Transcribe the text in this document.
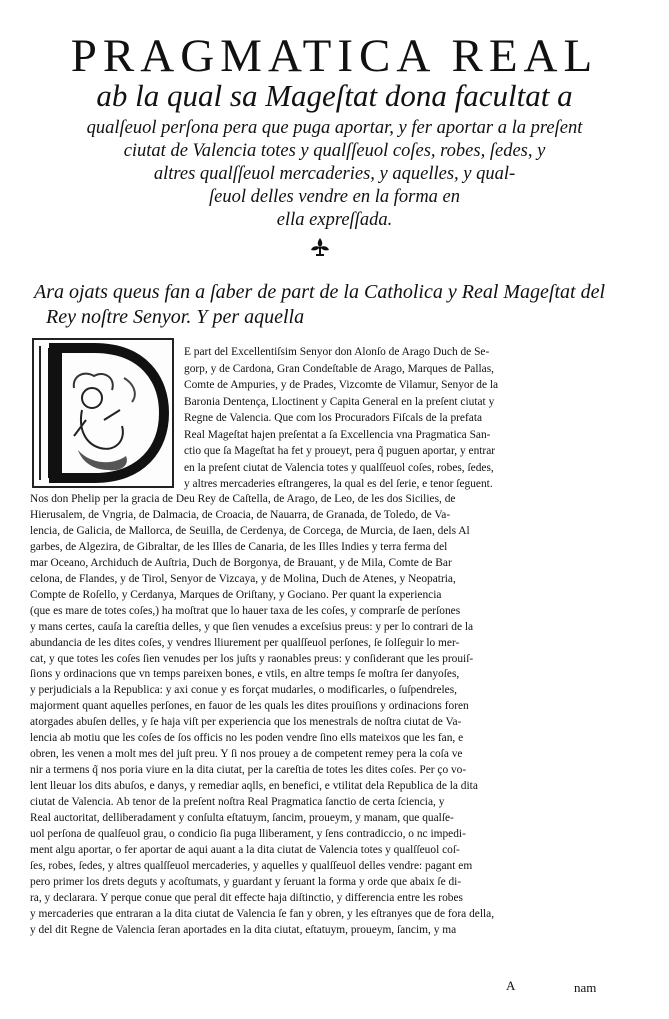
PRAGMATICA REAL
ab la qual sa Mageſtat dona facultat a
qualſeuol perſona pera que puga aportar, y fer aportar a la preſent
ciutat de Valencia totes y qualſſeuol coſes, robes, ſedes, y
altres qualſſeuol mercaderies, y aquelles, y qual-
ſeuol delles vendre en la forma en
ella expreſſada.
Ara ojats queus fan a ſaber de part de la Catholica y Real Mageſtat del
Rey noſtre Senyor. Y per aquella
E part del Excellentiſsim Senyor don Alonſo de Arago Duch de Se-
gorp, y de Cardona, Gran Condeſtable de Arago, Marques de Pallas,
Comte de Ampuries, y de Prades, Vizcomte de Vilamur, Senyor de la
Baronia Dentença, Lloctinent y Capita General en la preſent ciutat y
Regne de Valencia. Que com los Procuradors Fiſcals de la prefata
Real Mageſtat hajen preſentat a ſa Excellencia vna Pragmatica San-
ctio que ſa Mageſtat ha fet y proueyt, pera q̃ puguen aportar, y entrar
en la preſent ciutat de Valencia totes y qualſſeuol coſes, robes, ſedes,
y altres mercaderies eſtrangeres, la qual es del ſerie, e tenor ſeguent.
Nos don Phelip per la gracia de Deu Rey de Caſtella, de Arago, de Leo, de les dos Sicilies, de
Hierusalem, de Vngria, de Dalmacia, de Croacia, de Nauarra, de Granada, de Toledo, de Va-
lencia, de Galicia, de Mallorca, de Seuilla, de Cerdenya, de Corcega, de Murcia, de Iaen, dels Al
garbes, de Algezira, de Gibraltar, de les Illes de Canaria, de les Illes Indies y terra ferma del
mar Oceano, Archiduch de Auſtria, Duch de Borgonya, de Brauant, y de Mila, Comte de Bar
celona, de Flandes, y de Tirol, Senyor de Vizcaya, y de Molina, Duch de Atenes, y Neopatria,
Compte de Roſello, y Cerdanya, Marques de Oriſtany, y Gociano. Per quant la experiencia
(que es mare de totes coſes,) ha moſtrat que lo hauer taxa de les coſes, y comprarſe de perſones
y mans certes, cauſa la careſtia delles, y que ſien venudes a exceſsius preus: y per lo contrari de la
abundancia de les dites coſes, y vendres lliurement per qualſſeuol perſones, ſe ſolſeguir lo mer-
cat, y que totes les coſes ſien venudes per los juſts y raonables preus: y conſiderant que les prouiſ-
ſions y ordinacions que vn temps pareixen bones, e vtils, en altre temps ſe moſtra ſer danyoſes,
y perjudicials a la Republica: y axi conue y es forçat mudarles, o modificarles, o ſuſpendreles,
majorment quant aquelles perſones, en fauor de les quals les dites prouiſions y ordinacions foren
atorgades abuſen delles, y ſe haja viſt per experiencia que los menestrals de noſtra ciutat de Va-
lencia ab motiu que les coſes de ſos officis no les poden vendre ſino ells mateixos que les fan, e
obren, les venen a molt mes del juſt preu. Y ſi nos prouey a de competent remey pera la coſa ve
nir a termens q̃ nos poria viure en la dita ciutat, per la careſtia de totes les dites coſes. Per ço vo-
lent lleuar los dits abuſos, e danys, y remediar aqlls, en benefici, e vtilitat dela Republica de la dita
ciutat de Valencia. Ab tenor de la preſent noſtra Real Pragmatica ſanctio de certa ſciencia, y
Real auctoritat, delliberadament y conſulta eſtatuym, ſancim, proueym, y manam, que qualſe-
uol perſona de qualſeuol grau, o condicio ſia puga lliberament, y ſens contradiccio, o nc impedi-
ment algu aportar, o fer aportar de aqui auant a la dita ciutat de Valencia totes y qualſſeuol coſ-
ſes, robes, ſedes, y altres qualſſeuol mercaderies, y aquelles y qualſſeuol delles vendre: pagant em
pero primer los drets deguts y acoſtumats, y guardant y ſeruant la forma y orde que abaix ſe di-
ra, y declarara. Y perque conue que peral dit effecte haja diſtinctio, y differencia entre les robes
y mercaderies que entraran a la dita ciutat de Valencia ſe fan y obren, y les eſtranyes que de fora della,
y del dit Regne de Valencia ſeran aportades en la dita ciutat, eſtatuym, proueym, ſancim, y ma
A	nam
